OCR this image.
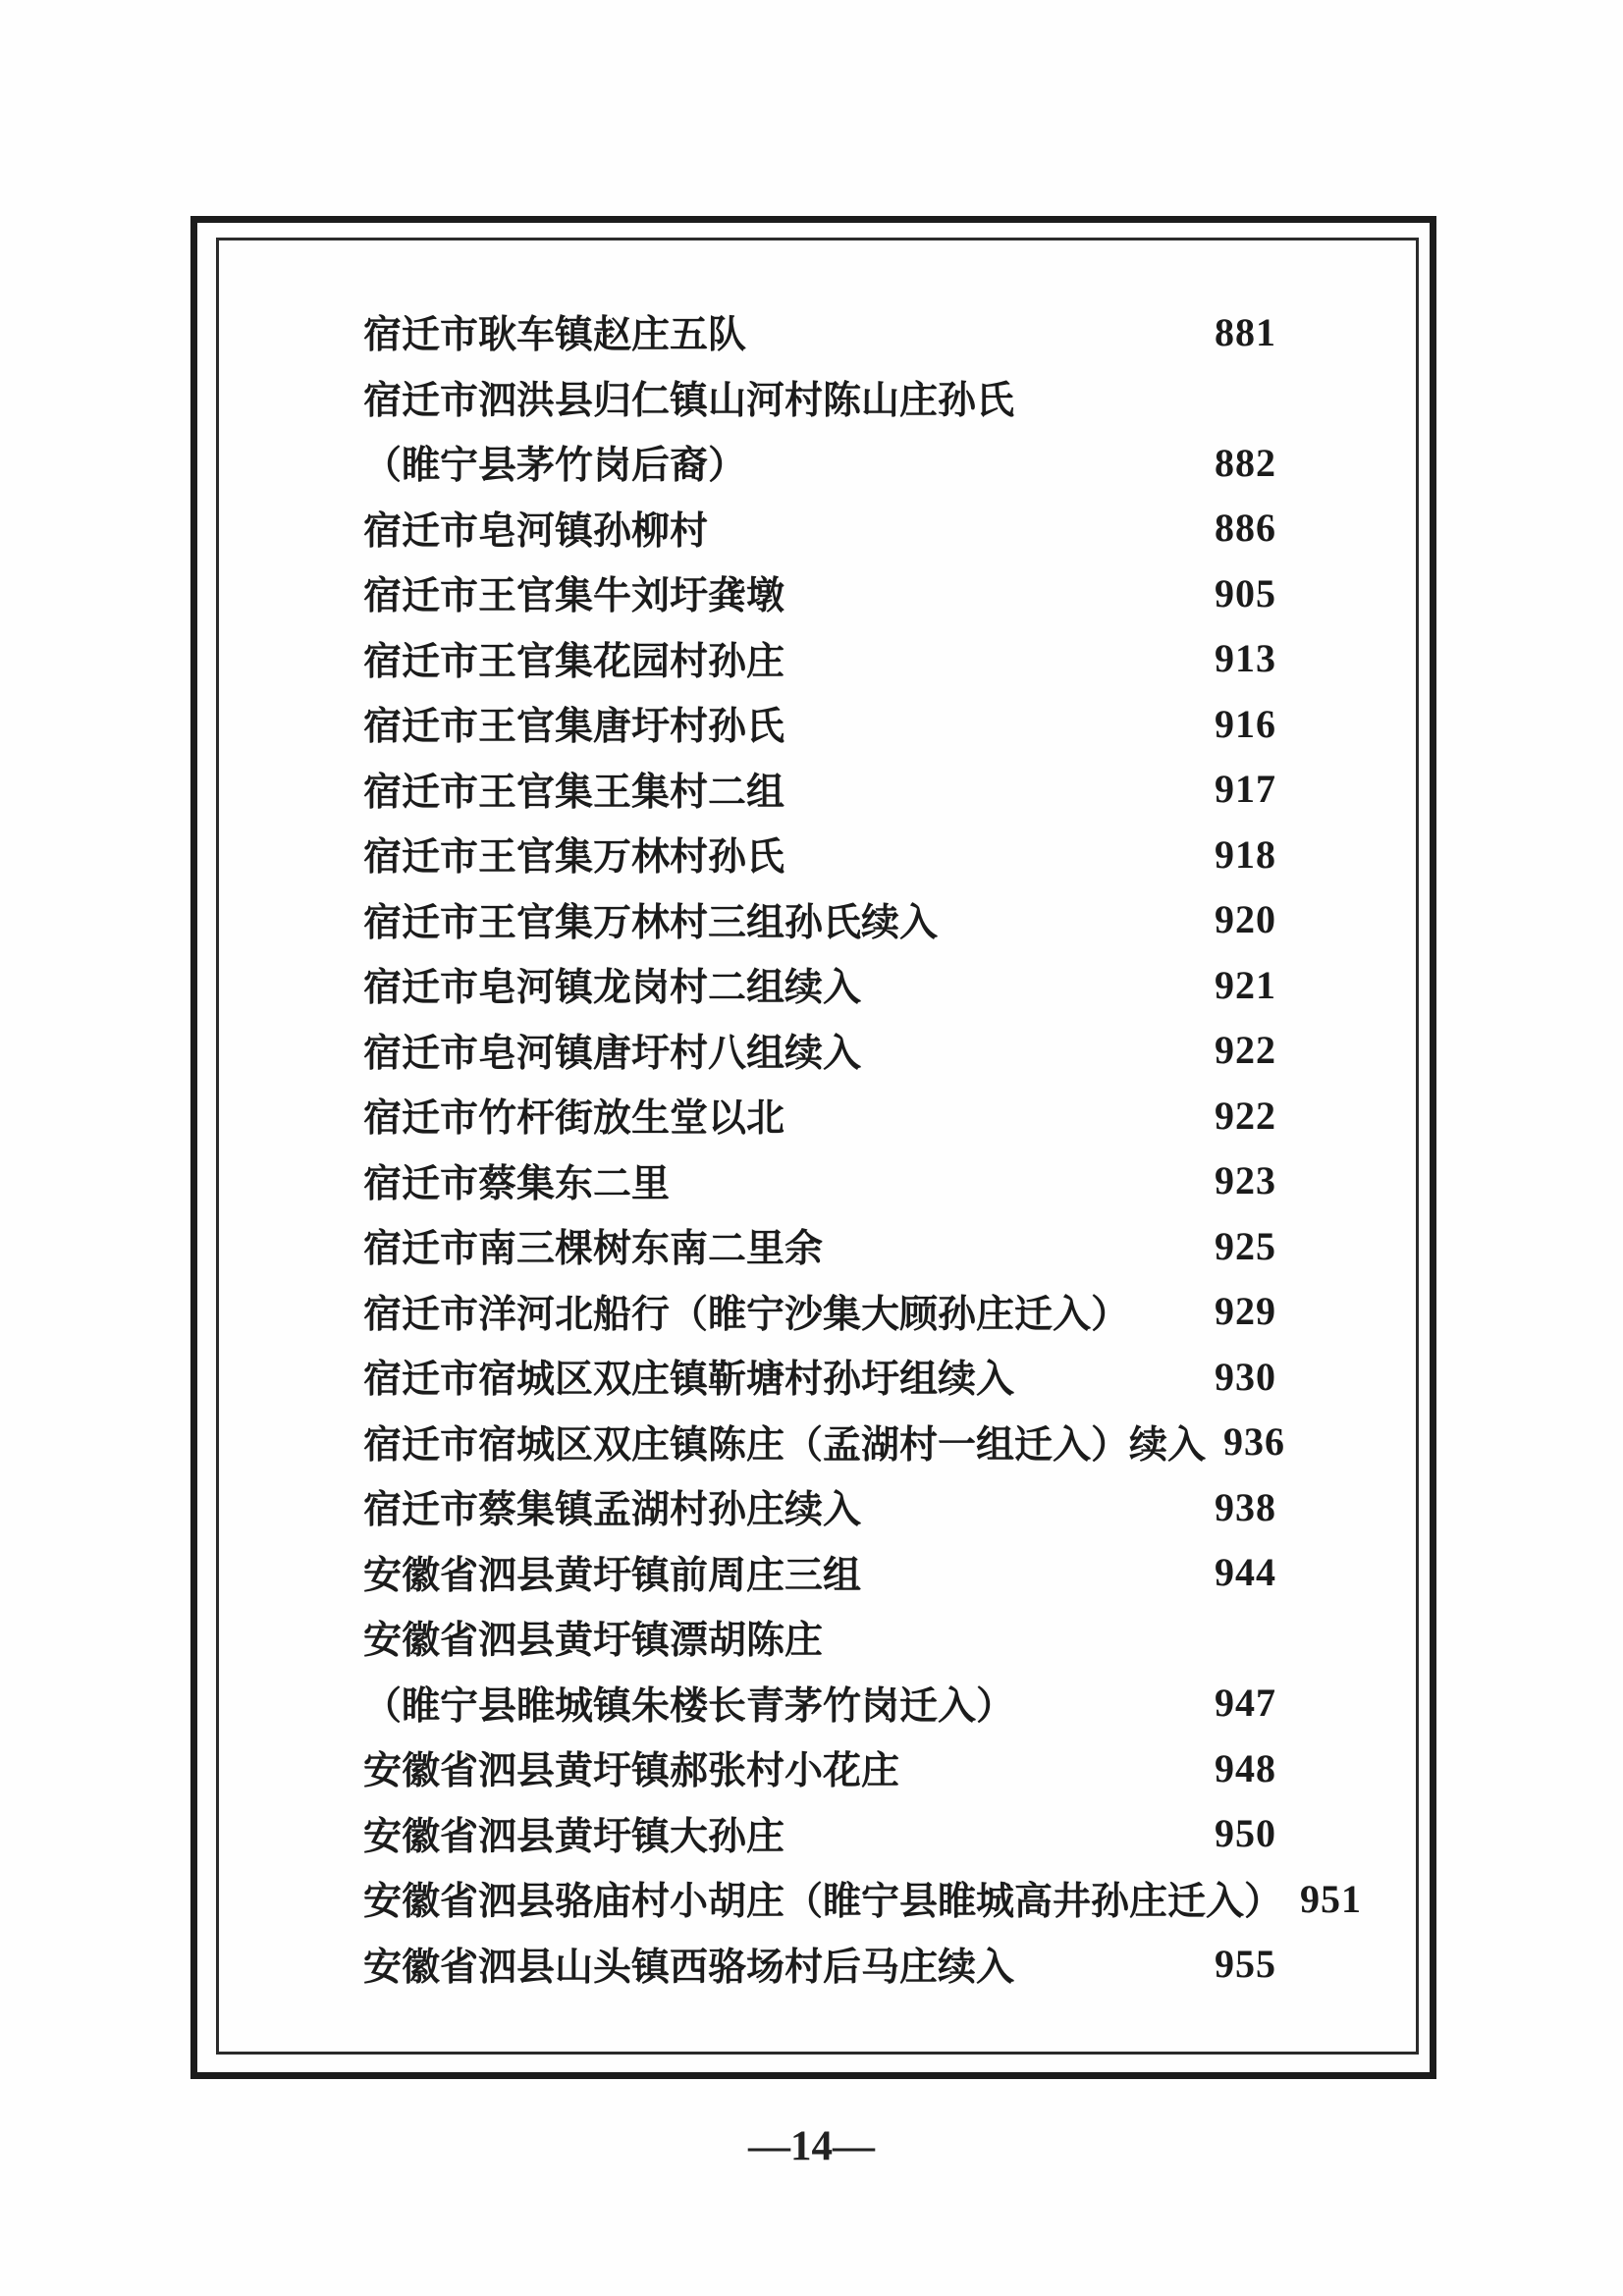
宿迁市耿车镇赵庄五队	881
宿迁市泗洪县归仁镇山河村陈山庄孙氏
（睢宁县茅竹岗后裔）	882
宿迁市皂河镇孙柳村	886
宿迁市王官集牛刘圩龚墩	905
宿迁市王官集花园村孙庄	913
宿迁市王官集唐圩村孙氏	916
宿迁市王官集王集村二组	917
宿迁市王官集万林村孙氏	918
宿迁市王官集万林村三组孙氏续入	920
宿迁市皂河镇龙岗村二组续入	921
宿迁市皂河镇唐圩村八组续入	922
宿迁市竹杆街放生堂以北	922
宿迁市蔡集东二里	923
宿迁市南三棵树东南二里余	925
宿迁市洋河北船行（睢宁沙集大顾孙庄迁入） 929
宿迁市宿城区双庄镇靳塘村孙圩组续入	930
宿迁市宿城区双庄镇陈庄（孟湖村一组迁入）续入 936
宿迁市蔡集镇孟湖村孙庄续入	938
安徽省泗县黄圩镇前周庄三组	944
安徽省泗县黄圩镇漂胡陈庄
（睢宁县睢城镇朱楼长青茅竹岗迁入）	947
安徽省泗县黄圩镇郝张村小花庄	948
安徽省泗县黄圩镇大孙庄	950
安徽省泗县骆庙村小胡庄（睢宁县睢城高井孙庄迁入） 951
安徽省泗县山头镇西骆场村后马庄续入	955
—14—
